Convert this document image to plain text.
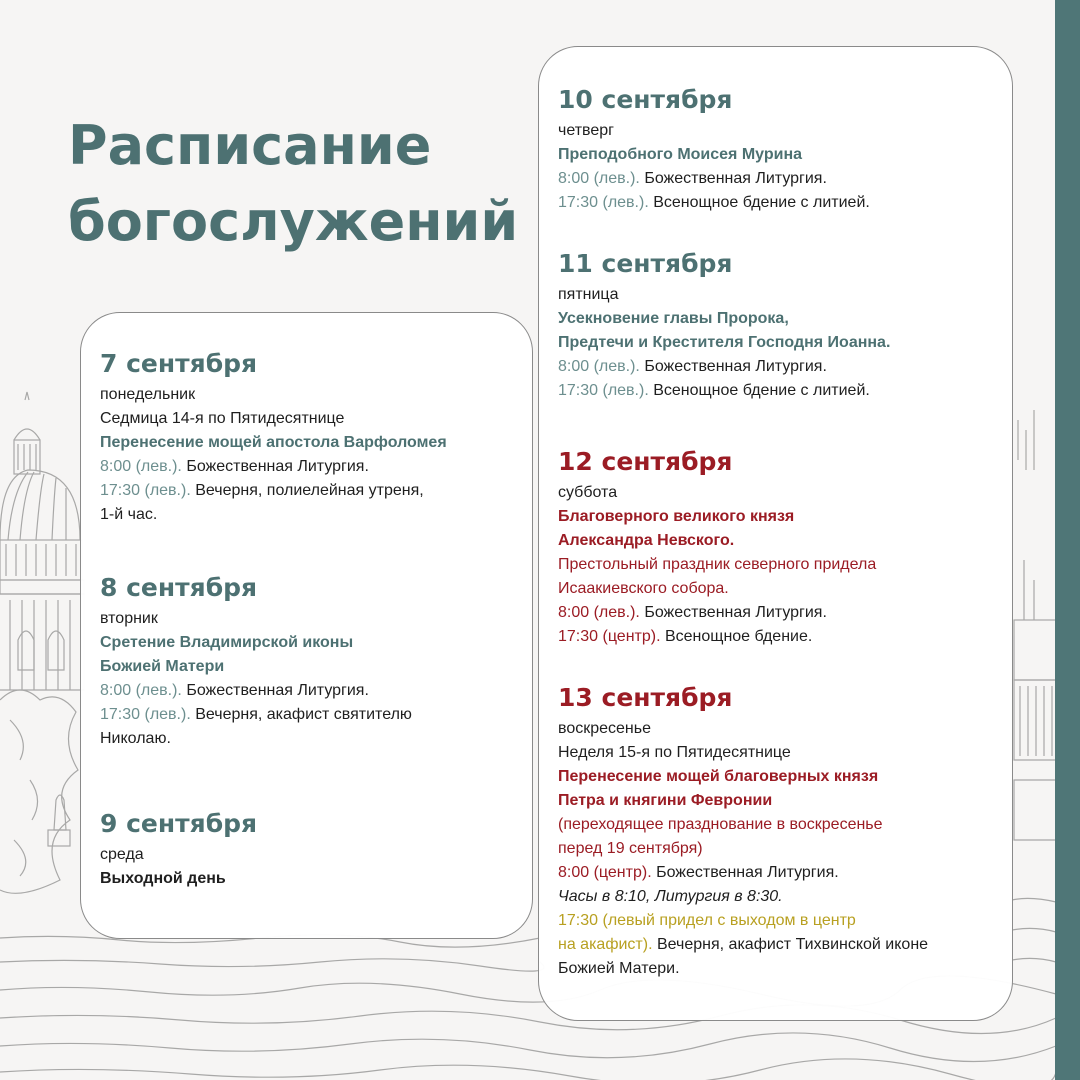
Расписание
богослужений
7 сентября
понедельник
Седмица 14-я по Пятидесятнице
Перенесение мощей апостола Варфоломея
8:00 (лев.). Божественная Литургия.
17:30 (лев.). Вечерня, полиелейная утреня,
1-й час.
8 сентября
вторник
Сретение Владимирской иконы
Божией Матери
8:00 (лев.). Божественная Литургия.
17:30 (лев.). Вечерня, акафист святителю
Николаю.
9 сентября
среда
Выходной день
10 сентября
четверг
Преподобного Моисея Мурина
8:00 (лев.). Божественная Литургия.
17:30 (лев.). Всенощное бдение с литией.
11 сентября
пятница
Усекновение главы Пророка,
Предтечи и Крестителя Господня Иоанна.
8:00 (лев.). Божественная Литургия.
17:30 (лев.). Всенощное бдение с литией.
12 сентября
суббота
Благоверного великого князя
Александра Невского.
Престольный праздник северного придела
Исаакиевского собора.
8:00 (лев.). Божественная Литургия.
17:30 (центр). Всенощное бдение.
13 сентября
воскресенье
Неделя 15-я по Пятидесятнице
Перенесение мощей благоверных князя
Петра и княгини Февронии
(переходящее празднование в воскресенье
перед 19 сентября)
8:00 (центр). Божественная Литургия.
Часы в 8:10, Литургия в 8:30.
17:30 (левый придел с выходом в центр
на акафист). Вечерня, акафист Тихвинской иконе
Божией Матери.
